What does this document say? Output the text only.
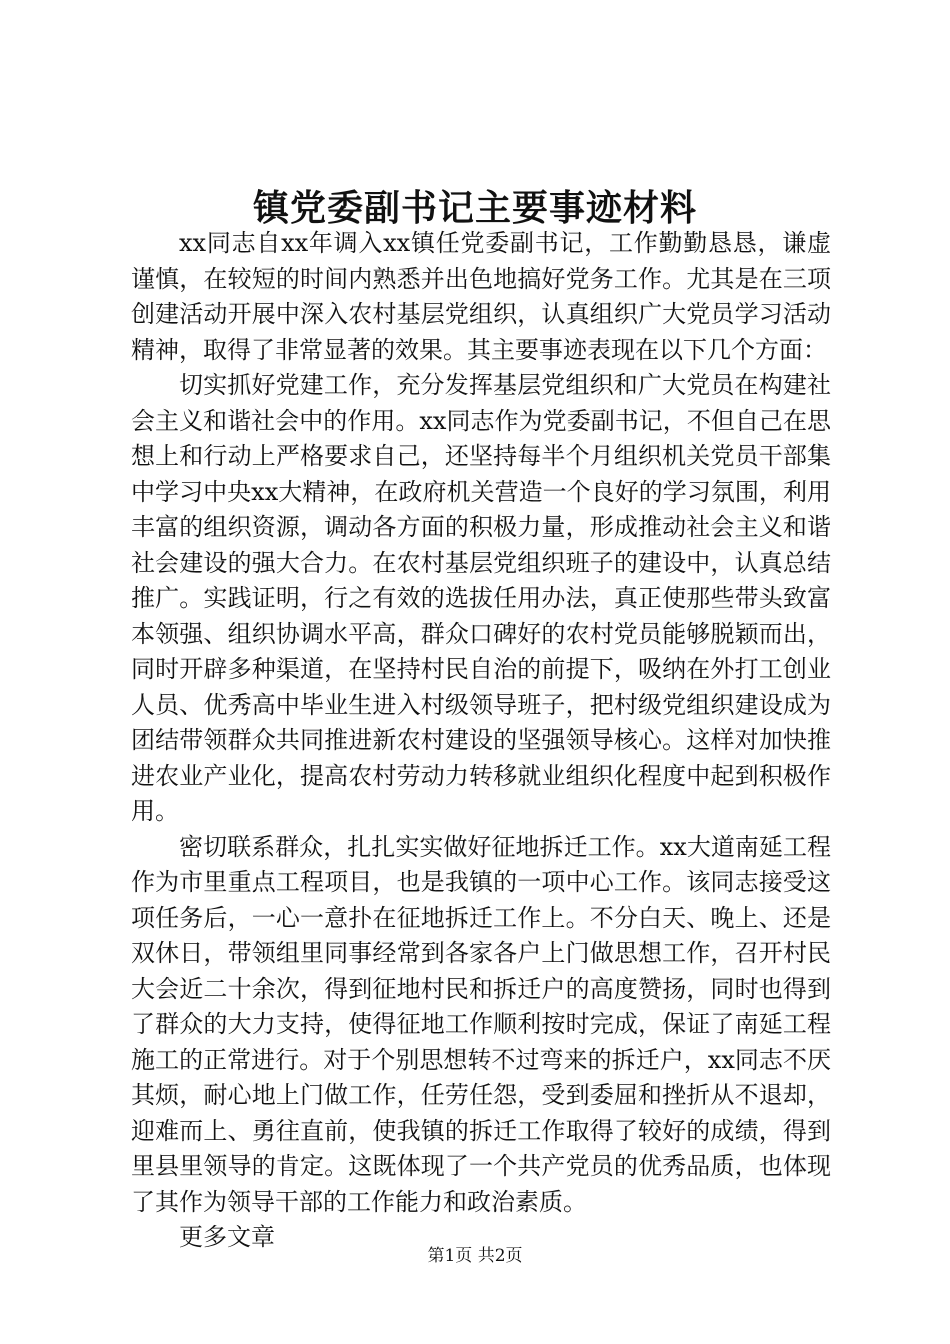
镇党委副书记主要事迹材料

xx同志自xx年调入xx镇任党委副书记，工作勤勤恳恳，谦虚谨慎，在较短的时间内熟悉并出色地搞好党务工作。尤其是在三项创建活动开展中深入农村基层党组织，认真组织广大党员学习活动精神，取得了非常显著的效果。其主要事迹表现在以下几个方面：

切实抓好党建工作，充分发挥基层党组织和广大党员在构建社会主义和谐社会中的作用。xx同志作为党委副书记，不但自己在思想上和行动上严格要求自己，还坚持每半个月组织机关党员干部集中学习中央xx大精神，在政府机关营造一个良好的学习氛围，利用丰富的组织资源，调动各方面的积极力量，形成推动社会主义和谐社会建设的强大合力。在农村基层党组织班子的建设中，认真总结推广。实践证明，行之有效的选拔任用办法，真正使那些带头致富本领强、组织协调水平高，群众口碑好的农村党员能够脱颖而出，同时开辟多种渠道，在坚持村民自治的前提下，吸纳在外打工创业人员、优秀高中毕业生进入村级领导班子，把村级党组织建设成为团结带领群众共同推进新农村建设的坚强领导核心。这样对加快推进农业产业化，提高农村劳动力转移就业组织化程度中起到积极作用。

密切联系群众，扎扎实实做好征地拆迁工作。xx大道南延工程作为市里重点工程项目，也是我镇的一项中心工作。该同志接受这项任务后，一心一意扑在征地拆迁工作上。不分白天、晚上、还是双休日，带领组里同事经常到各家各户上门做思想工作，召开村民大会近二十余次，得到征地村民和拆迁户的高度赞扬，同时也得到了群众的大力支持，使得征地工作顺利按时完成，保证了南延工程施工的正常进行。对于个别思想转不过弯来的拆迁户，xx同志不厌其烦，耐心地上门做工作，任劳任怨，受到委屈和挫折从不退却，迎难而上、勇往直前，使我镇的拆迁工作取得了较好的成绩，得到里县里领导的肯定。这既体现了一个共产党员的优秀品质，也体现了其作为领导干部的工作能力和政治素质。

更多文章

第1页 共2页
